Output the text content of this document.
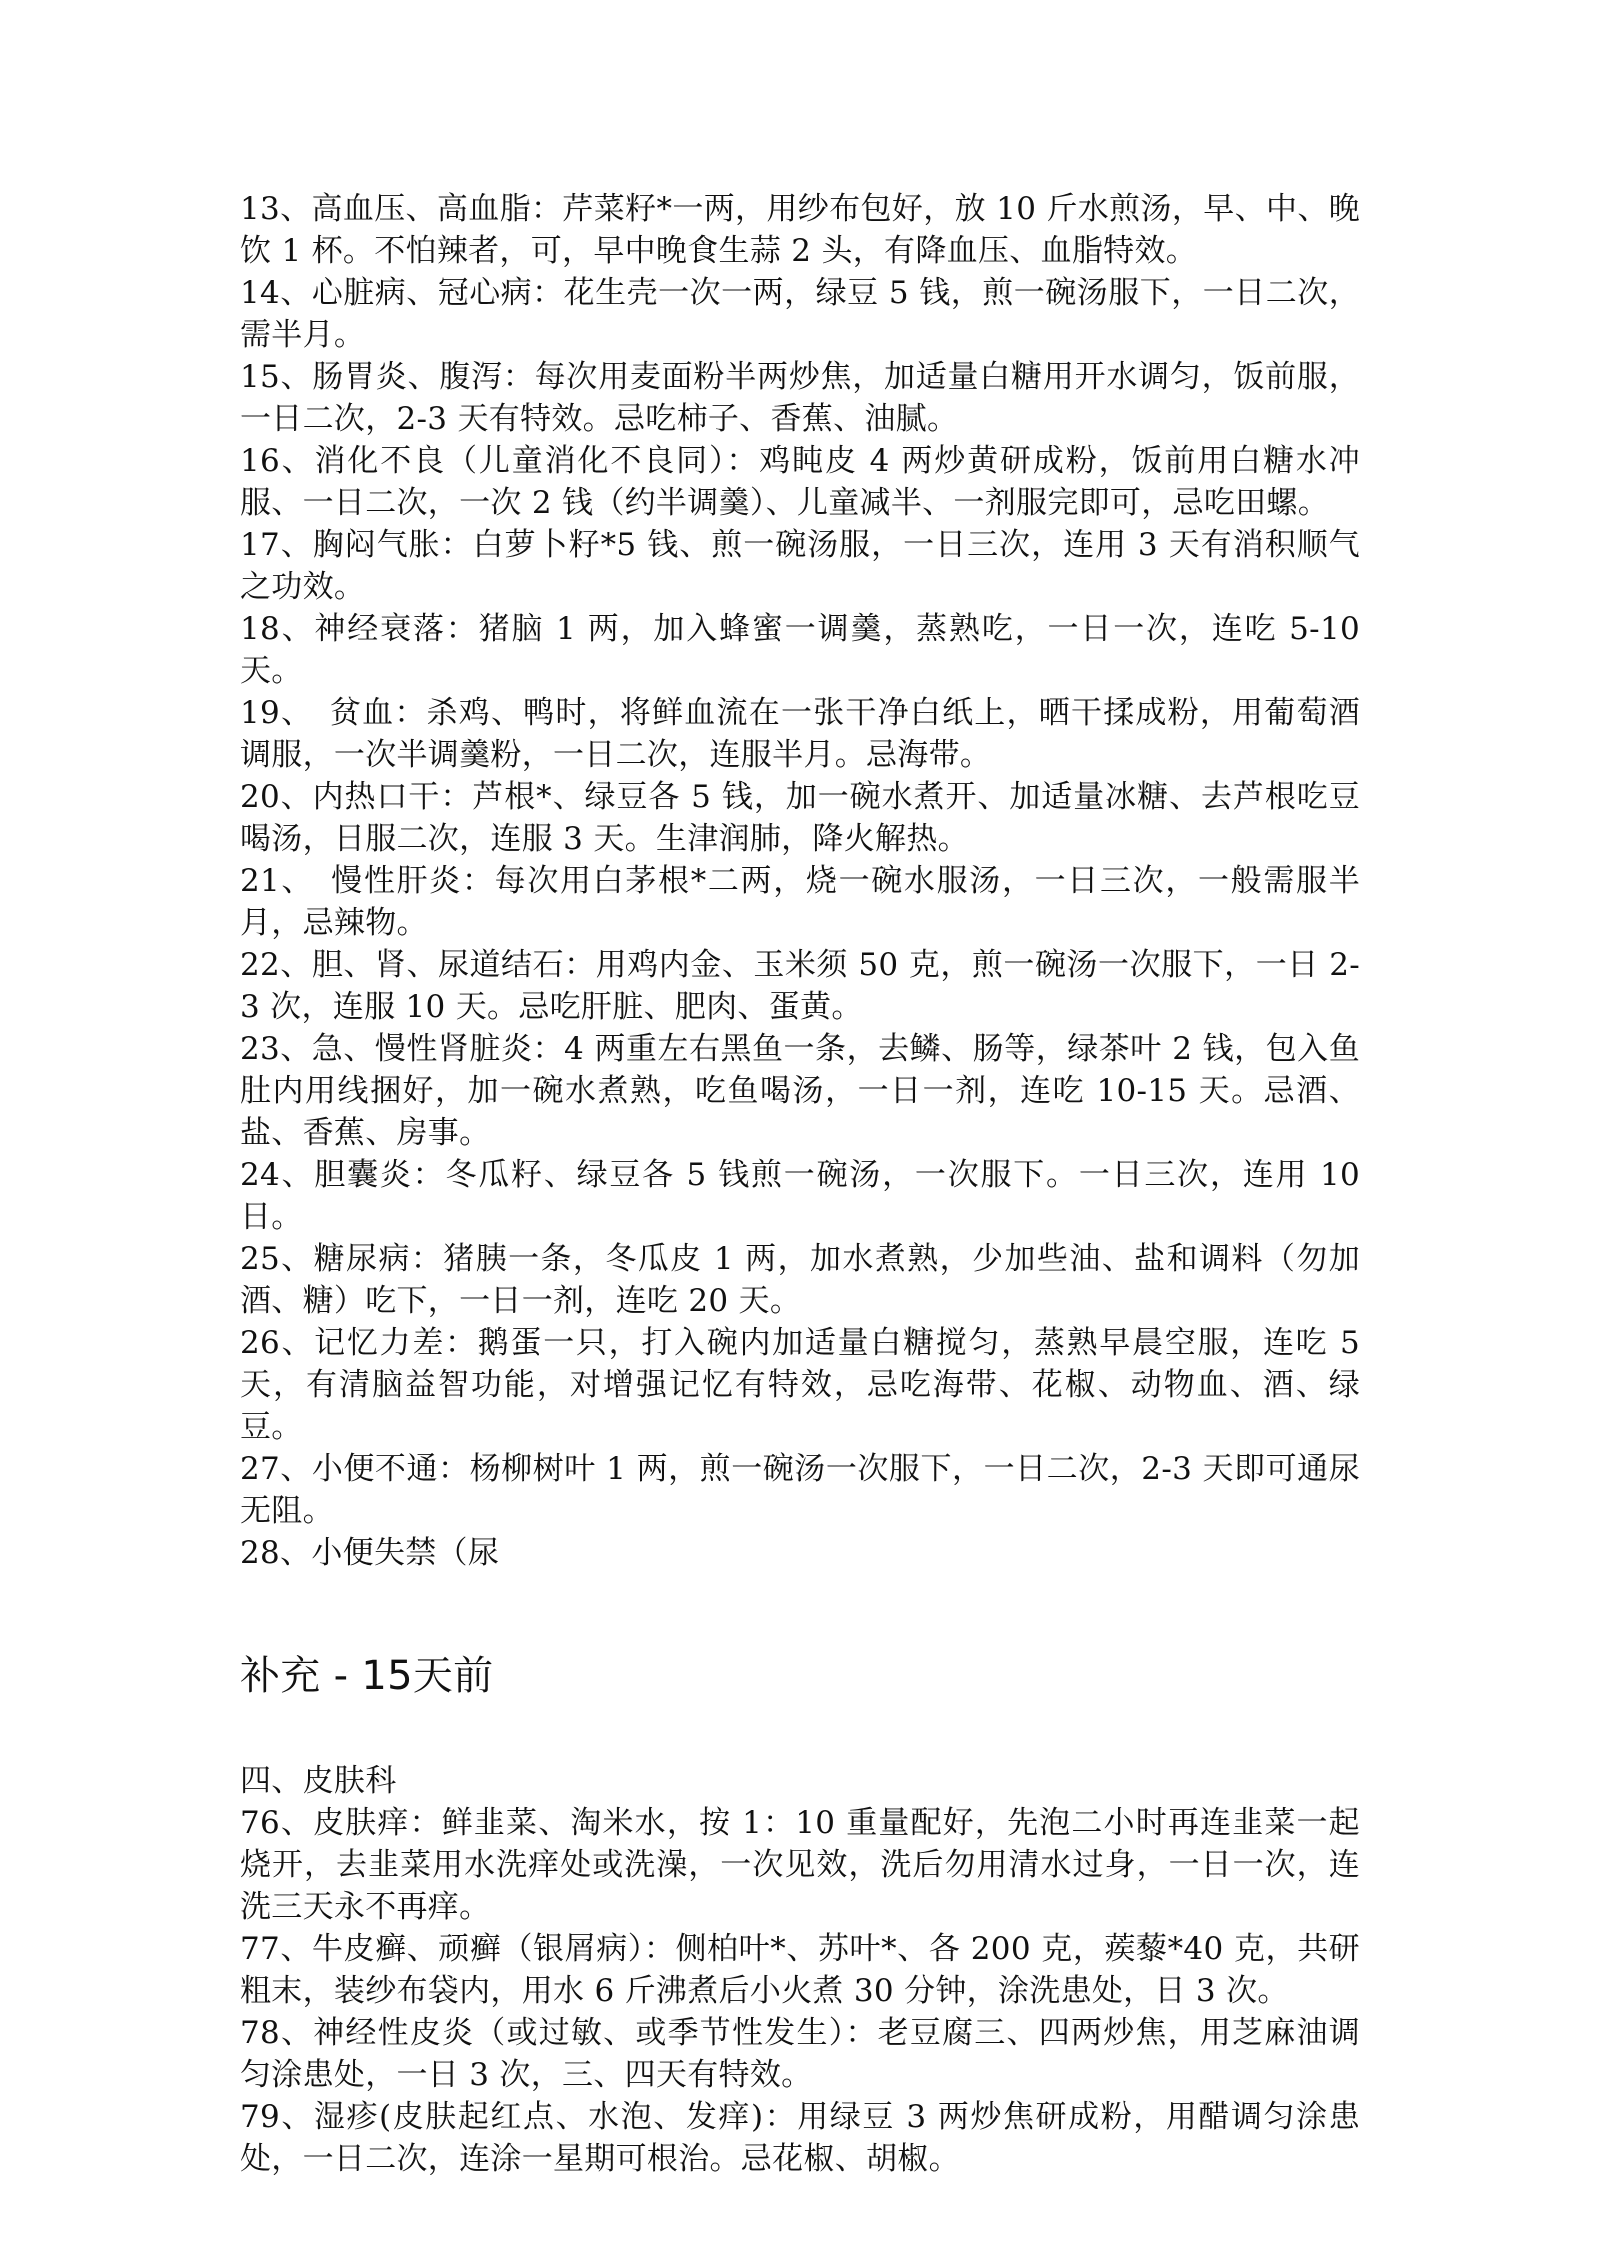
13、高血压、高血脂：芹菜籽*一两，用纱布包好，放 10 斤水煎汤，早、中、晚饮 1 杯。不怕辣者，可，早中晚食生蒜 2 头，有降血压、血脂特效。

14、心脏病、冠心病：花生壳一次一两，绿豆 5 钱，煎一碗汤服下，一日二次，需半月。

15、肠胃炎、腹泻：每次用麦面粉半两炒焦，加适量白糖用开水调匀，饭前服，一日二次，2-3 天有特效。忌吃柿子、香蕉、油腻。

16、消化不良（儿童消化不良同）：鸡盹皮 4 两炒黄研成粉，饭前用白糖水冲服、一日二次，一次 2 钱（约半调羹）、儿童减半、一剂服完即可，忌吃田螺。

17、胸闷气胀：白萝卜籽*5 钱、煎一碗汤服，一日三次，连用 3 天有消积顺气之功效。

18、神经衰落：猪脑 1 两，加入蜂蜜一调羹，蒸熟吃，一日一次，连吃 5-10 天。

19、　贫血：杀鸡、鸭时，将鲜血流在一张干净白纸上，晒干揉成粉，用葡萄酒调服，一次半调羹粉，一日二次，连服半月。忌海带。

20、内热口干：芦根*、绿豆各 5 钱，加一碗水煮开、加适量冰糖、去芦根吃豆喝汤，日服二次，连服 3 天。生津润肺，降火解热。

21、　慢性肝炎：每次用白茅根*二两，烧一碗水服汤，一日三次，一般需服半月，忌辣物。

22、胆、肾、尿道结石：用鸡内金、玉米须 50 克，煎一碗汤一次服下，一日 2-3 次，连服 10 天。忌吃肝脏、肥肉、蛋黄。

23、急、慢性肾脏炎：4 两重左右黑鱼一条，去鳞、肠等，绿茶叶 2 钱，包入鱼肚内用线捆好，加一碗水煮熟，吃鱼喝汤，一日一剂，连吃 10-15 天。忌酒、盐、香蕉、房事。

24、胆囊炎：冬瓜籽、绿豆各 5 钱煎一碗汤，一次服下。一日三次，连用 10 日。

25、糖尿病：猪胰一条，冬瓜皮 1 两，加水煮熟，少加些油、盐和调料（勿加酒、糖）吃下，一日一剂，连吃 20 天。

26、记忆力差：鹅蛋一只，打入碗内加适量白糖搅匀，蒸熟早晨空服，连吃 5 天，有清脑益智功能，对增强记忆有特效，忌吃海带、花椒、动物血、酒、绿豆。

27、小便不通：杨柳树叶 1 两，煎一碗汤一次服下，一日二次，2-3 天即可通尿无阻。

28、小便失禁（尿

补充 - 15天前

四、皮肤科

76、皮肤痒：鲜韭菜、淘米水，按 1：10 重量配好，先泡二小时再连韭菜一起烧开，去韭菜用水洗痒处或洗澡，一次见效，洗后勿用清水过身，一日一次，连洗三天永不再痒。

77、牛皮癣、顽癣（银屑病）：侧柏叶*、苏叶*、各 200 克，蒺藜*40 克，共研粗末，装纱布袋内，用水 6 斤沸煮后小火煮 30 分钟，涂洗患处，日 3 次。

78、神经性皮炎（或过敏、或季节性发生）：老豆腐三、四两炒焦，用芝麻油调匀涂患处，一日 3 次，三、四天有特效。

79、湿疹(皮肤起红点、水泡、发痒)：用绿豆 3 两炒焦研成粉，用醋调匀涂患处，一日二次，连涂一星期可根治。忌花椒、胡椒。
